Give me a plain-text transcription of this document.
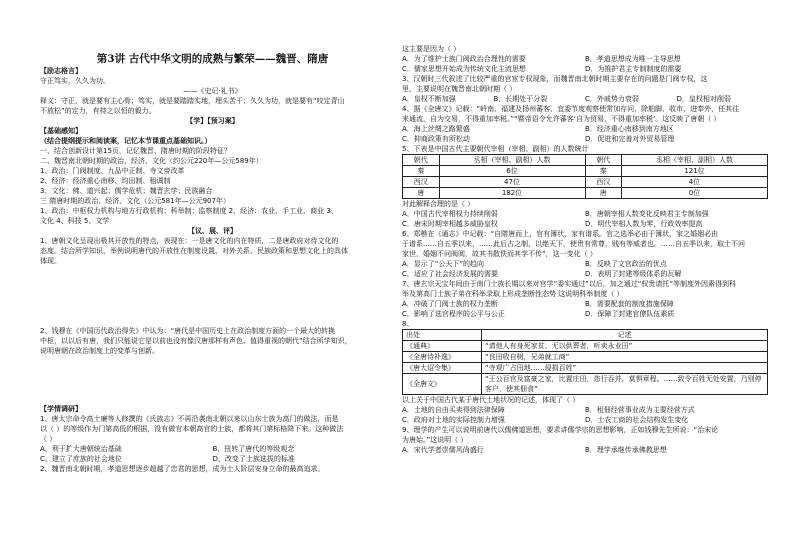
第3讲 古代中华文明的成熟与繁荣——魏晋、隋唐

【励志格言】

守正笃实，久久为功。

——《史记·礼书》

释义：守正，就是要有主心骨；笃实，就是要踏踏实地，埋头苦干；久久为功，就是要有“咬定青山

不放松”的定力，有持之以恒的毅力。

【学】【预习案】

【基础感知】

（结合提纲提示和阅读案，记忆本节课重点基础知识。）

一、结合创新设计第15页，记忆魏晋、隋唐时期的阶段特征？

二、魏晋南北朝时期的政治、经济、文化（约公元220年—公元589年）

1、政治：门阀制度、九品中正制、寺文帝改革

2、经济：经济重心南移、均田制、租调制

3、文化：佛、道兴起；儒学危机；魏晋玄学；民族融合

三 隋唐时期的政治、经济、文化（公元581年—公元907年）

1、政治：中枢权力机构与地方行政机构；科举制；监察制度 2、经济：农业、手工业、商业 3、

文化 4、科技 5、文学

【议、展、评】

1、唐朝文化呈现出极其开放性的特点，表现在：一是唐文化的内在特质，二是唐政府对待文化的

态度。结合所学知识，举例说明唐代的开放性在制度设置、对外关系、民族政策和思想文化上的具体

体现。

2、钱穆在《中国历代政治得失》中认为：“唐代是中国历史上在政治制度方面的一个最大的转换

中枢，以以后有唐，我们只能说它是以前也没有像汉唐那样有声色、值得重视的朝代”结合所学知识，

说明唐朝在政治制度上的变革与创新。

【学情调研】

1、唐太宗命令高士廉等人修撰的《氏族志》不再沿袭南北朝以来以山东士族为高门的做法，而是

以（ ）的等级作为门第高低的根据，没有做官本朝高官的士族，都将其门第标格降下来。这种做法

（ ）

A、利于扩大唐朝统治基础	B、扭转了唐代的等级观念
C、建立了庶族的社会地位	D、改变了士族选拔的标准

2、魏晋南北朝时期，孝道思想逐步超越了忠君的思想，成为士人阶层安身立命的最高追求。

这主要是因为（ ）

A．为了维护士族门阀政治合理性的需要	B．孝道思想成为唯一主导思想
C．儒家思想开始成为传统文化主流思想	D．为推护君主专制制度的需要

3、汉朝时三代叙述了比较严重的官宦专权现象，而魏晋南北朝时期主要存在的问题是门阀专权，这

里，主要说明在魏晋南北朝时期（ ）

A．皇权不断加强	B．长期处于分裂	C．外戚势力衰弱	D．皇权相对削弱

4、据《全唐文》记载：“岭南、福建及扬州蕃客，宜委节度观察使常加存问，除舶脚、收市、进奉外，任其往

来通流，自为交易，不得重加率税。”“暨帝诏令允许蕃客‘自为贸易，不得重加率税’。这反映了唐朝（ ）

A．海上丝绸之路繁盛	B．经济重心南移到南方地区
C．抑商政策有所松动	D．促进和完善对外贸易管理

5、下表是中国古代主要朝代宰相（宰相、副相）的人数统计

朝代	丞相（宰相、副相）人数	朝代	丞相（宰相、副相）人数
秦	6位	秦	121位
西汉	47位	西汉	4位
唐	182位	唐	0位

对此解释合理的是（ ）

A．中国古代宰相权力持续削弱	B．唐朝宰相人数变化反映君主专制加强
C．唐宋时期宰相越多威胁皇权	D．明代宰相人数为零，行政效率提高

6、郑樵在《通志》中记载：“自隋唐而上，官有簿状，家有谱系。官之选举必由于簿状，家之婚姻必由

于谱系……自五季以来，……此后古之制，以绝天下，使贵有常尊，贱有等威者也。……自五季以来，取士不问

家世，婚姻不问阀阅，故其书散佚而其学不传”，这一变化（ ）

A．显示了“公天下”的趋向	B．反映了文官政治的优点
C．适应了社会经济发展的需要	D．表明了封建等级体系的瓦解

7、唐玄宗天宝年间由于南门士族长期以来对宫学“委实通过”以后，加之通过“权贵请托”等制度外因素得到科

举及第高门士族子弟在科举录取上形成垄断性态势 这说明科举制度（ ）

A．冲破了门阀士族的权力垄断	B．需要配套的制度措施保障
C．影响了选官程序的公平与公正	D．保障了封建官僚队伍素质

8、

出处	记述
《通典》	“请他人有身死家贫、无以供葬者，听卖永业田”
《全唐诗补逸》	“良田收自树，兄弟就工商”
《唐大诏令集》	“寺观广占田地……侵损百姓”
《全唐文》	“王公百官及富豪之家，比置庄田，恣行吞并，莫惧章程。……致令百姓无处安置，乃别停客户，使其佃食”

以上关于中国古代某于唐代土地状况的记述，体现了（ ）

A．土地的自由买卖得到法律保障	B．租佃经营事业成为主要经营方式
C．政府对土地的实际控制力增强	D．士农工商的社会结构发生变化

9、理学的产生可以说明前唐代以儒佛道思想，要求讲儒学宗的思想影响，正如钱穆先生所说：“治宋论

为唐始。”这说明（ ）

A．宋代学者崇儒风尚盛行	B．理学承继传承佛教思想
